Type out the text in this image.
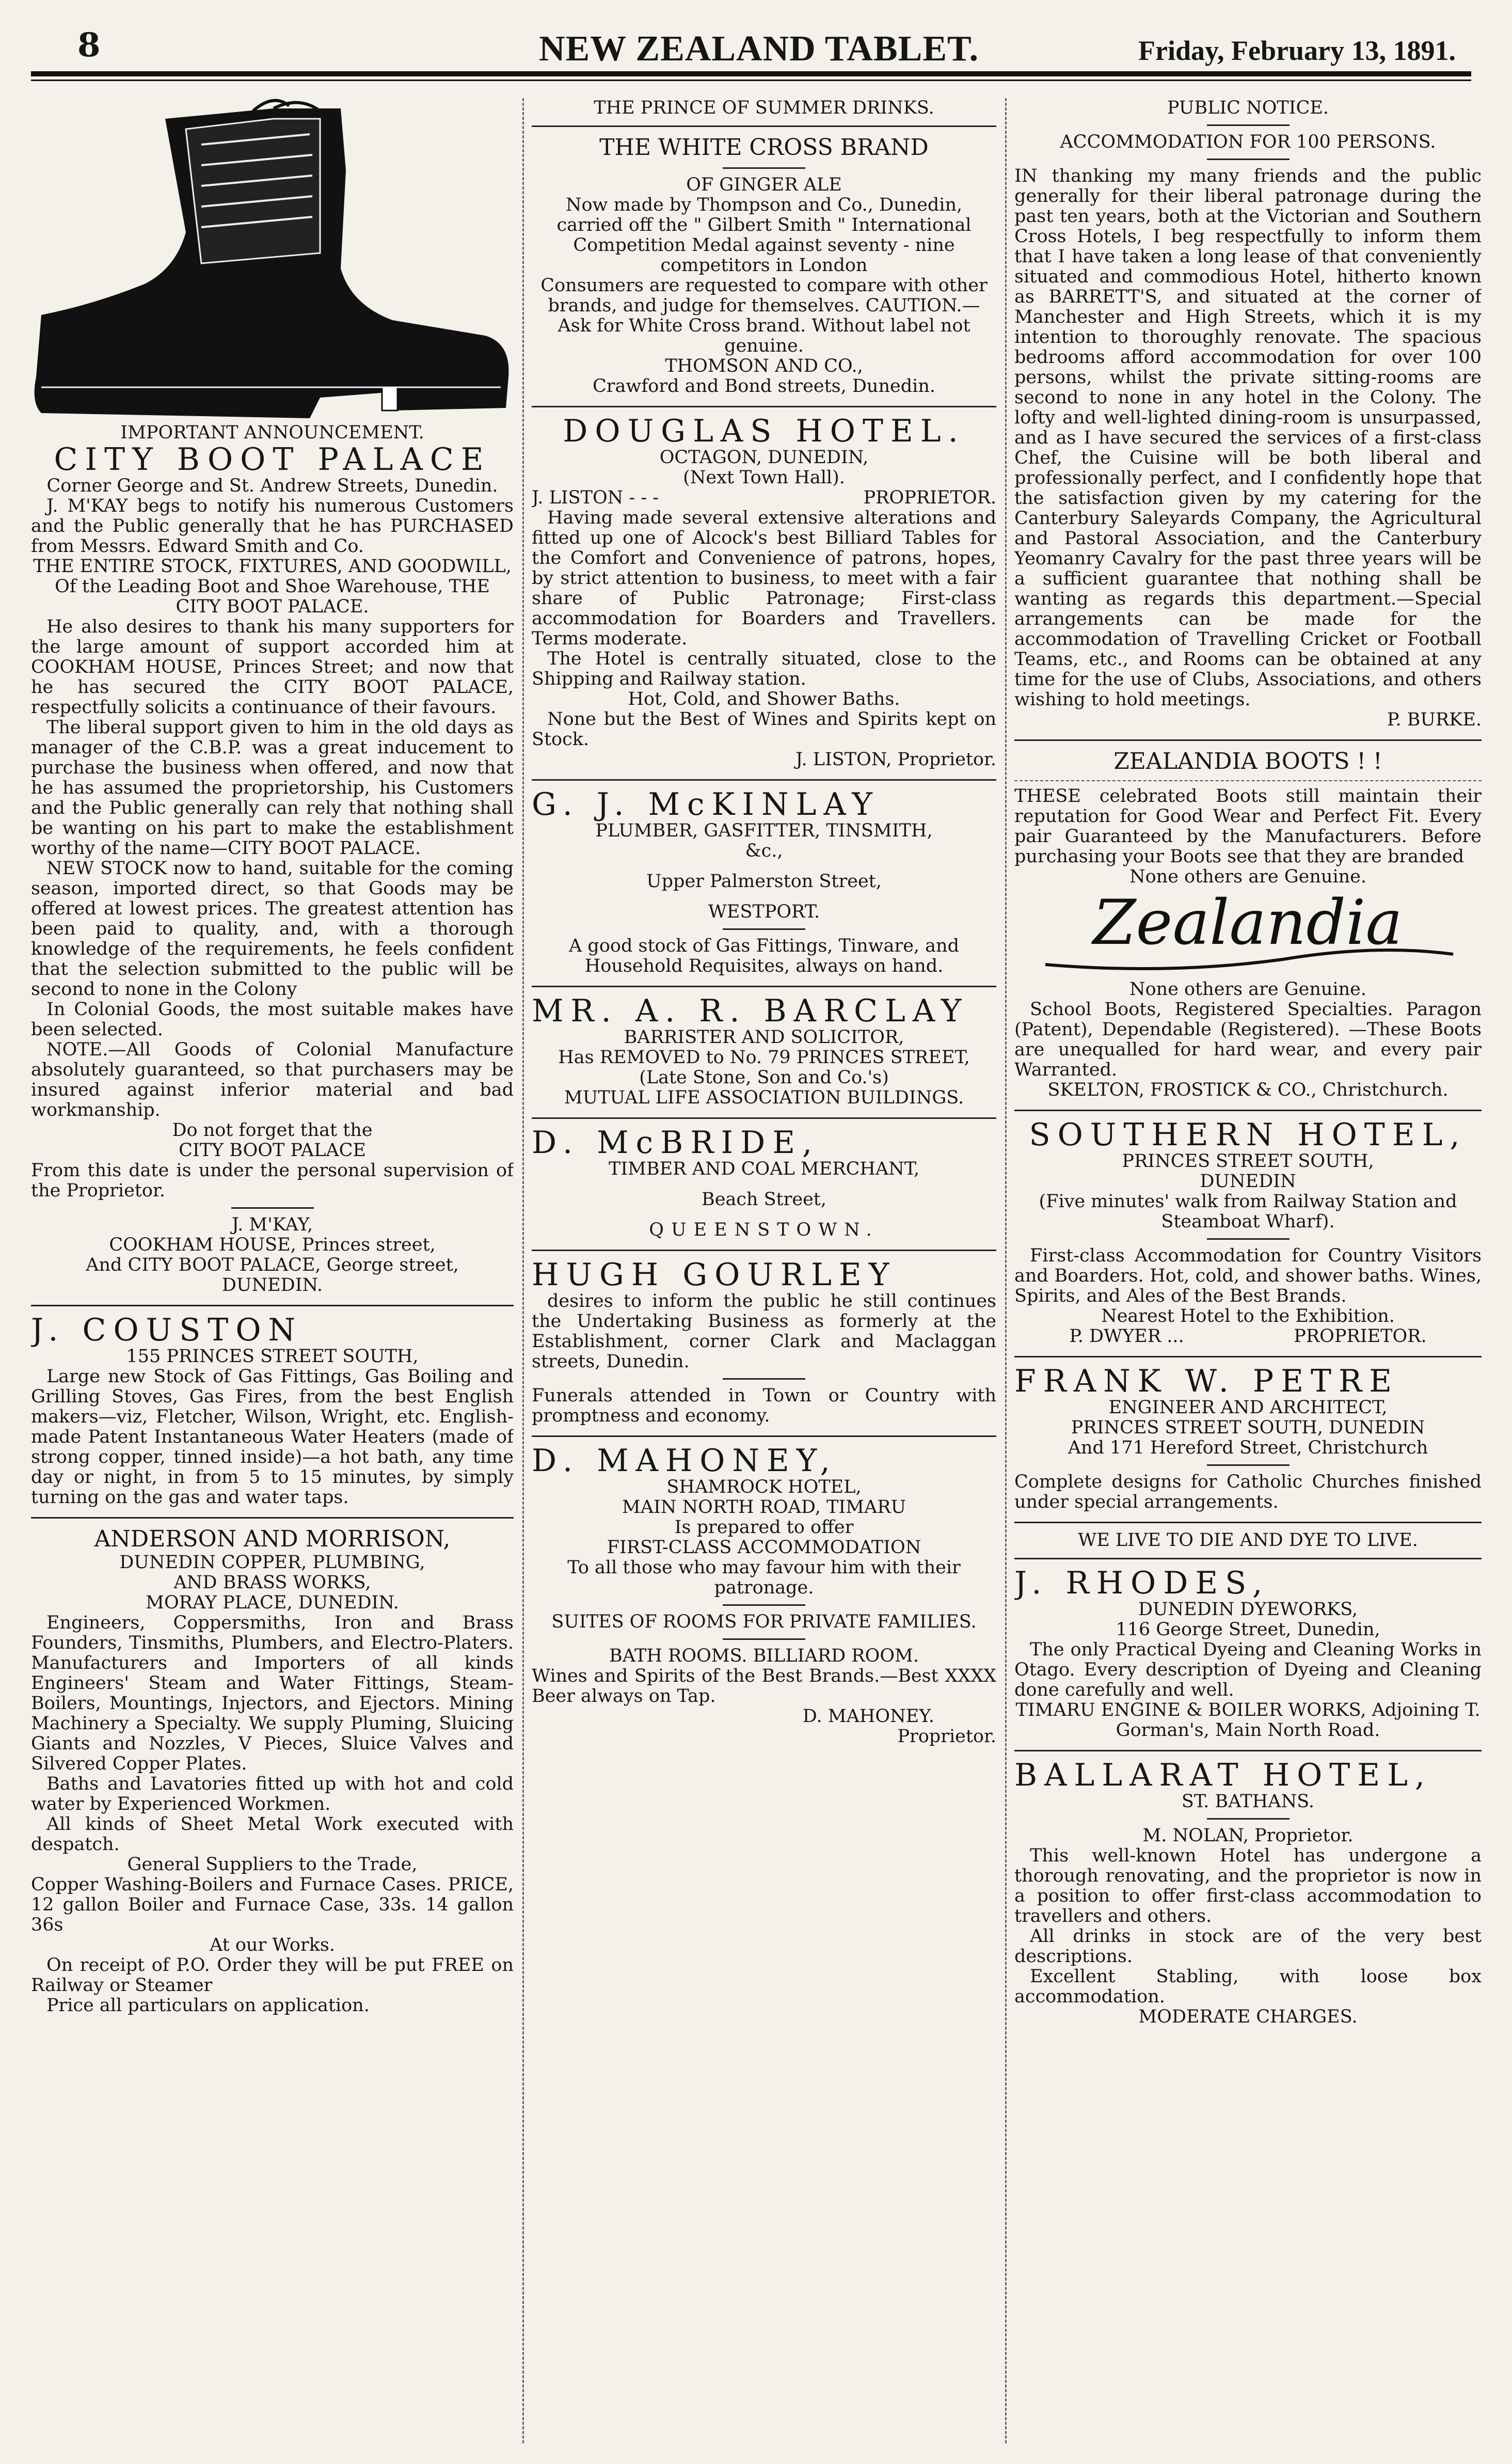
8	NEW ZEALAND TABLET.	Friday, February 13, 1891.
IMPORTANT ANNOUNCEMENT.
CITY BOOT PALACE
Corner George and St. Andrew Streets, Dunedin.
J. M'KAY begs to notify his numerous Customers and the Public generally that he has PURCHASED from Messrs. Edward Smith and Co.
THE ENTIRE STOCK, FIXTURES, AND GOODWILL,
Of the Leading Boot and Shoe Warehouse, THE CITY BOOT PALACE.
He also desires to thank his many supporters for the large amount of support accorded him at COOKHAM HOUSE, Princes Street; and now that he has secured the CITY BOOT PALACE, respectfully solicits a continuance of their favours.
The liberal support given to him in the old days as manager of the C.B.P. was a great inducement to purchase the business when offered, and now that he has assumed the proprietorship, his Customers and the Public generally can rely that nothing shall be wanting on his part to make the establishment worthy of the name—CITY BOOT PALACE.
NEW STOCK now to hand, suitable for the coming season, imported direct, so that Goods may be offered at lowest prices. The greatest attention has been paid to quality, and, with a thorough knowledge of the requirements, he feels confident that the selection submitted to the public will be second to none in the Colony
In Colonial Goods, the most suitable makes have been selected.
NOTE.—All Goods of Colonial Manufacture absolutely guaranteed, so that purchasers may be insured against inferior material and bad workmanship.
Do not forget that the
CITY BOOT PALACE
From this date is under the personal supervision of the Proprietor.
J. M'KAY,
COOKHAM HOUSE, Princes street,
And CITY BOOT PALACE, George street,
DUNEDIN.
J. COUSTON
155 PRINCES STREET SOUTH,
Large new Stock of Gas Fittings, Gas Boiling and Grilling Stoves, Gas Fires, from the best English makers—viz, Fletcher, Wilson, Wright, etc. English-made Patent Instantaneous Water Heaters (made of strong copper, tinned inside)—a hot bath, any time day or night, in from 5 to 15 minutes, by simply turning on the gas and water taps.
ANDERSON AND MORRISON,
DUNEDIN COPPER, PLUMBING,
AND BRASS WORKS,
MORAY PLACE, DUNEDIN.
Engineers, Coppersmiths, Iron and Brass Founders, Tinsmiths, Plumbers, and Electro-Platers. Manufacturers and Importers of all kinds Engineers' Steam and Water Fittings, Steam-Boilers, Mountings, Injectors, and Ejectors. Mining Machinery a Specialty. We supply Pluming, Sluicing Giants and Nozzles, V Pieces, Sluice Valves and Silvered Copper Plates.
Baths and Lavatories fitted up with hot and cold water by Experienced Workmen.
All kinds of Sheet Metal Work executed with despatch.
General Suppliers to the Trade,
Copper Washing-Boilers and Furnace Cases. PRICE, 12 gallon Boiler and Furnace Case, 33s. 14 gallon 36s
At our Works.
On receipt of P.O. Order they will be put FREE on Railway or Steamer
Price all particulars on application.
THE PRINCE OF SUMMER DRINKS.
THE WHITE CROSS BRAND
OF GINGER ALE
Now made by Thompson and Co., Dunedin, carried off the " Gilbert Smith " International Competition Medal against seventy - nine competitors in London
Consumers are requested to compare with other brands, and judge for themselves. CAUTION.—Ask for White Cross brand. Without label not genuine.
THOMSON AND CO.,
Crawford and Bond streets, Dunedin.
DOUGLAS HOTEL.
OCTAGON, DUNEDIN,
(Next Town Hall).
J. LISTON - - -	PROPRIETOR.
Having made several extensive alterations and fitted up one of Alcock's best Billiard Tables for the Comfort and Convenience of patrons, hopes, by strict attention to business, to meet with a fair share of Public Patronage; First-class accommodation for Boarders and Travellers. Terms moderate.
The Hotel is centrally situated, close to the Shipping and Railway station.
Hot, Cold, and Shower Baths.
None but the Best of Wines and Spirits kept on Stock.
J. LISTON, Proprietor.
G. J. McKINLAY
PLUMBER, GASFITTER, TINSMITH,
&c.,
Upper Palmerston Street,
WESTPORT.
A good stock of Gas Fittings, Tinware, and Household Requisites, always on hand.
MR. A. R. BARCLAY
BARRISTER AND SOLICITOR,
Has REMOVED to No. 79 PRINCES STREET,
(Late Stone, Son and Co.'s)
MUTUAL LIFE ASSOCIATION BUILDINGS.
D. McBRIDE,
TIMBER AND COAL MERCHANT,
Beach Street,
QUEENSTOWN.
HUGH GOURLEY
desires to inform the public he still continues the Undertaking Business as formerly at the Establishment, corner Clark and Maclaggan streets, Dunedin.
Funerals attended in Town or Country with promptness and economy.
D. MAHONEY,
SHAMROCK HOTEL,
MAIN NORTH ROAD, TIMARU
Is prepared to offer
FIRST-CLASS ACCOMMODATION
To all those who may favour him with their patronage.
SUITES OF ROOMS FOR PRIVATE FAMILIES.
BATH ROOMS. BILLIARD ROOM.
Wines and Spirits of the Best Brands.—Best XXXX Beer always on Tap.
D. MAHONEY.
Proprietor.
PUBLIC NOTICE.
ACCOMMODATION FOR 100 PERSONS.
IN thanking my many friends and the public generally for their liberal patronage during the past ten years, both at the Victorian and Southern Cross Hotels, I beg respectfully to inform them that I have taken a long lease of that conveniently situated and commodious Hotel, hitherto known as BARRETT'S, and situated at the corner of Manchester and High Streets, which it is my intention to thoroughly renovate. The spacious bedrooms afford accommodation for over 100 persons, whilst the private sitting-rooms are second to none in any hotel in the Colony. The lofty and well-lighted dining-room is unsurpassed, and as I have secured the services of a first-class Chef, the Cuisine will be both liberal and professionally perfect, and I confidently hope that the satisfaction given by my catering for the Canterbury Saleyards Company, the Agricultural and Pastoral Association, and the Canterbury Yeomanry Cavalry for the past three years will be a sufficient guarantee that nothing shall be wanting as regards this department.—Special arrangements can be made for the accommodation of Travelling Cricket or Football Teams, etc., and Rooms can be obtained at any time for the use of Clubs, Associations, and others wishing to hold meetings.
P. BURKE.
ZEALANDIA BOOTS ! !
THESE celebrated Boots still maintain their reputation for Good Wear and Perfect Fit. Every pair Guaranteed by the Manufacturers. Before purchasing your Boots see that they are branded
None others are Genuine.
Zealandia
None others are Genuine.
School Boots, Registered Specialties. Paragon (Patent), Dependable (Registered). —These Boots are unequalled for hard wear, and every pair Warranted.
SKELTON, FROSTICK & CO., Christchurch.
SOUTHERN HOTEL,
PRINCES STREET SOUTH,
DUNEDIN
(Five minutes' walk from Railway Station and Steamboat Wharf).
First-class Accommodation for Country Visitors and Boarders. Hot, cold, and shower baths. Wines, Spirits, and Ales of the Best Brands.
Nearest Hotel to the Exhibition.
P. DWYER ...	PROPRIETOR.
FRANK W. PETRE
ENGINEER AND ARCHITECT,
PRINCES STREET SOUTH, DUNEDIN
And 171 Hereford Street, Christchurch
Complete designs for Catholic Churches finished under special arrangements.
WE LIVE TO DIE AND DYE TO LIVE.
J. RHODES,
DUNEDIN DYEWORKS,
116 George Street, Dunedin,
The only Practical Dyeing and Cleaning Works in Otago. Every description of Dyeing and Cleaning done carefully and well.
TIMARU ENGINE & BOILER WORKS, Adjoining T. Gorman's, Main North Road.
BALLARAT HOTEL,
ST. BATHANS.
M. NOLAN, Proprietor.
This well-known Hotel has undergone a thorough renovating, and the proprietor is now in a position to offer first-class accommodation to travellers and others.
All drinks in stock are of the very best descriptions.
Excellent Stabling, with loose box accommodation.
MODERATE CHARGES.
